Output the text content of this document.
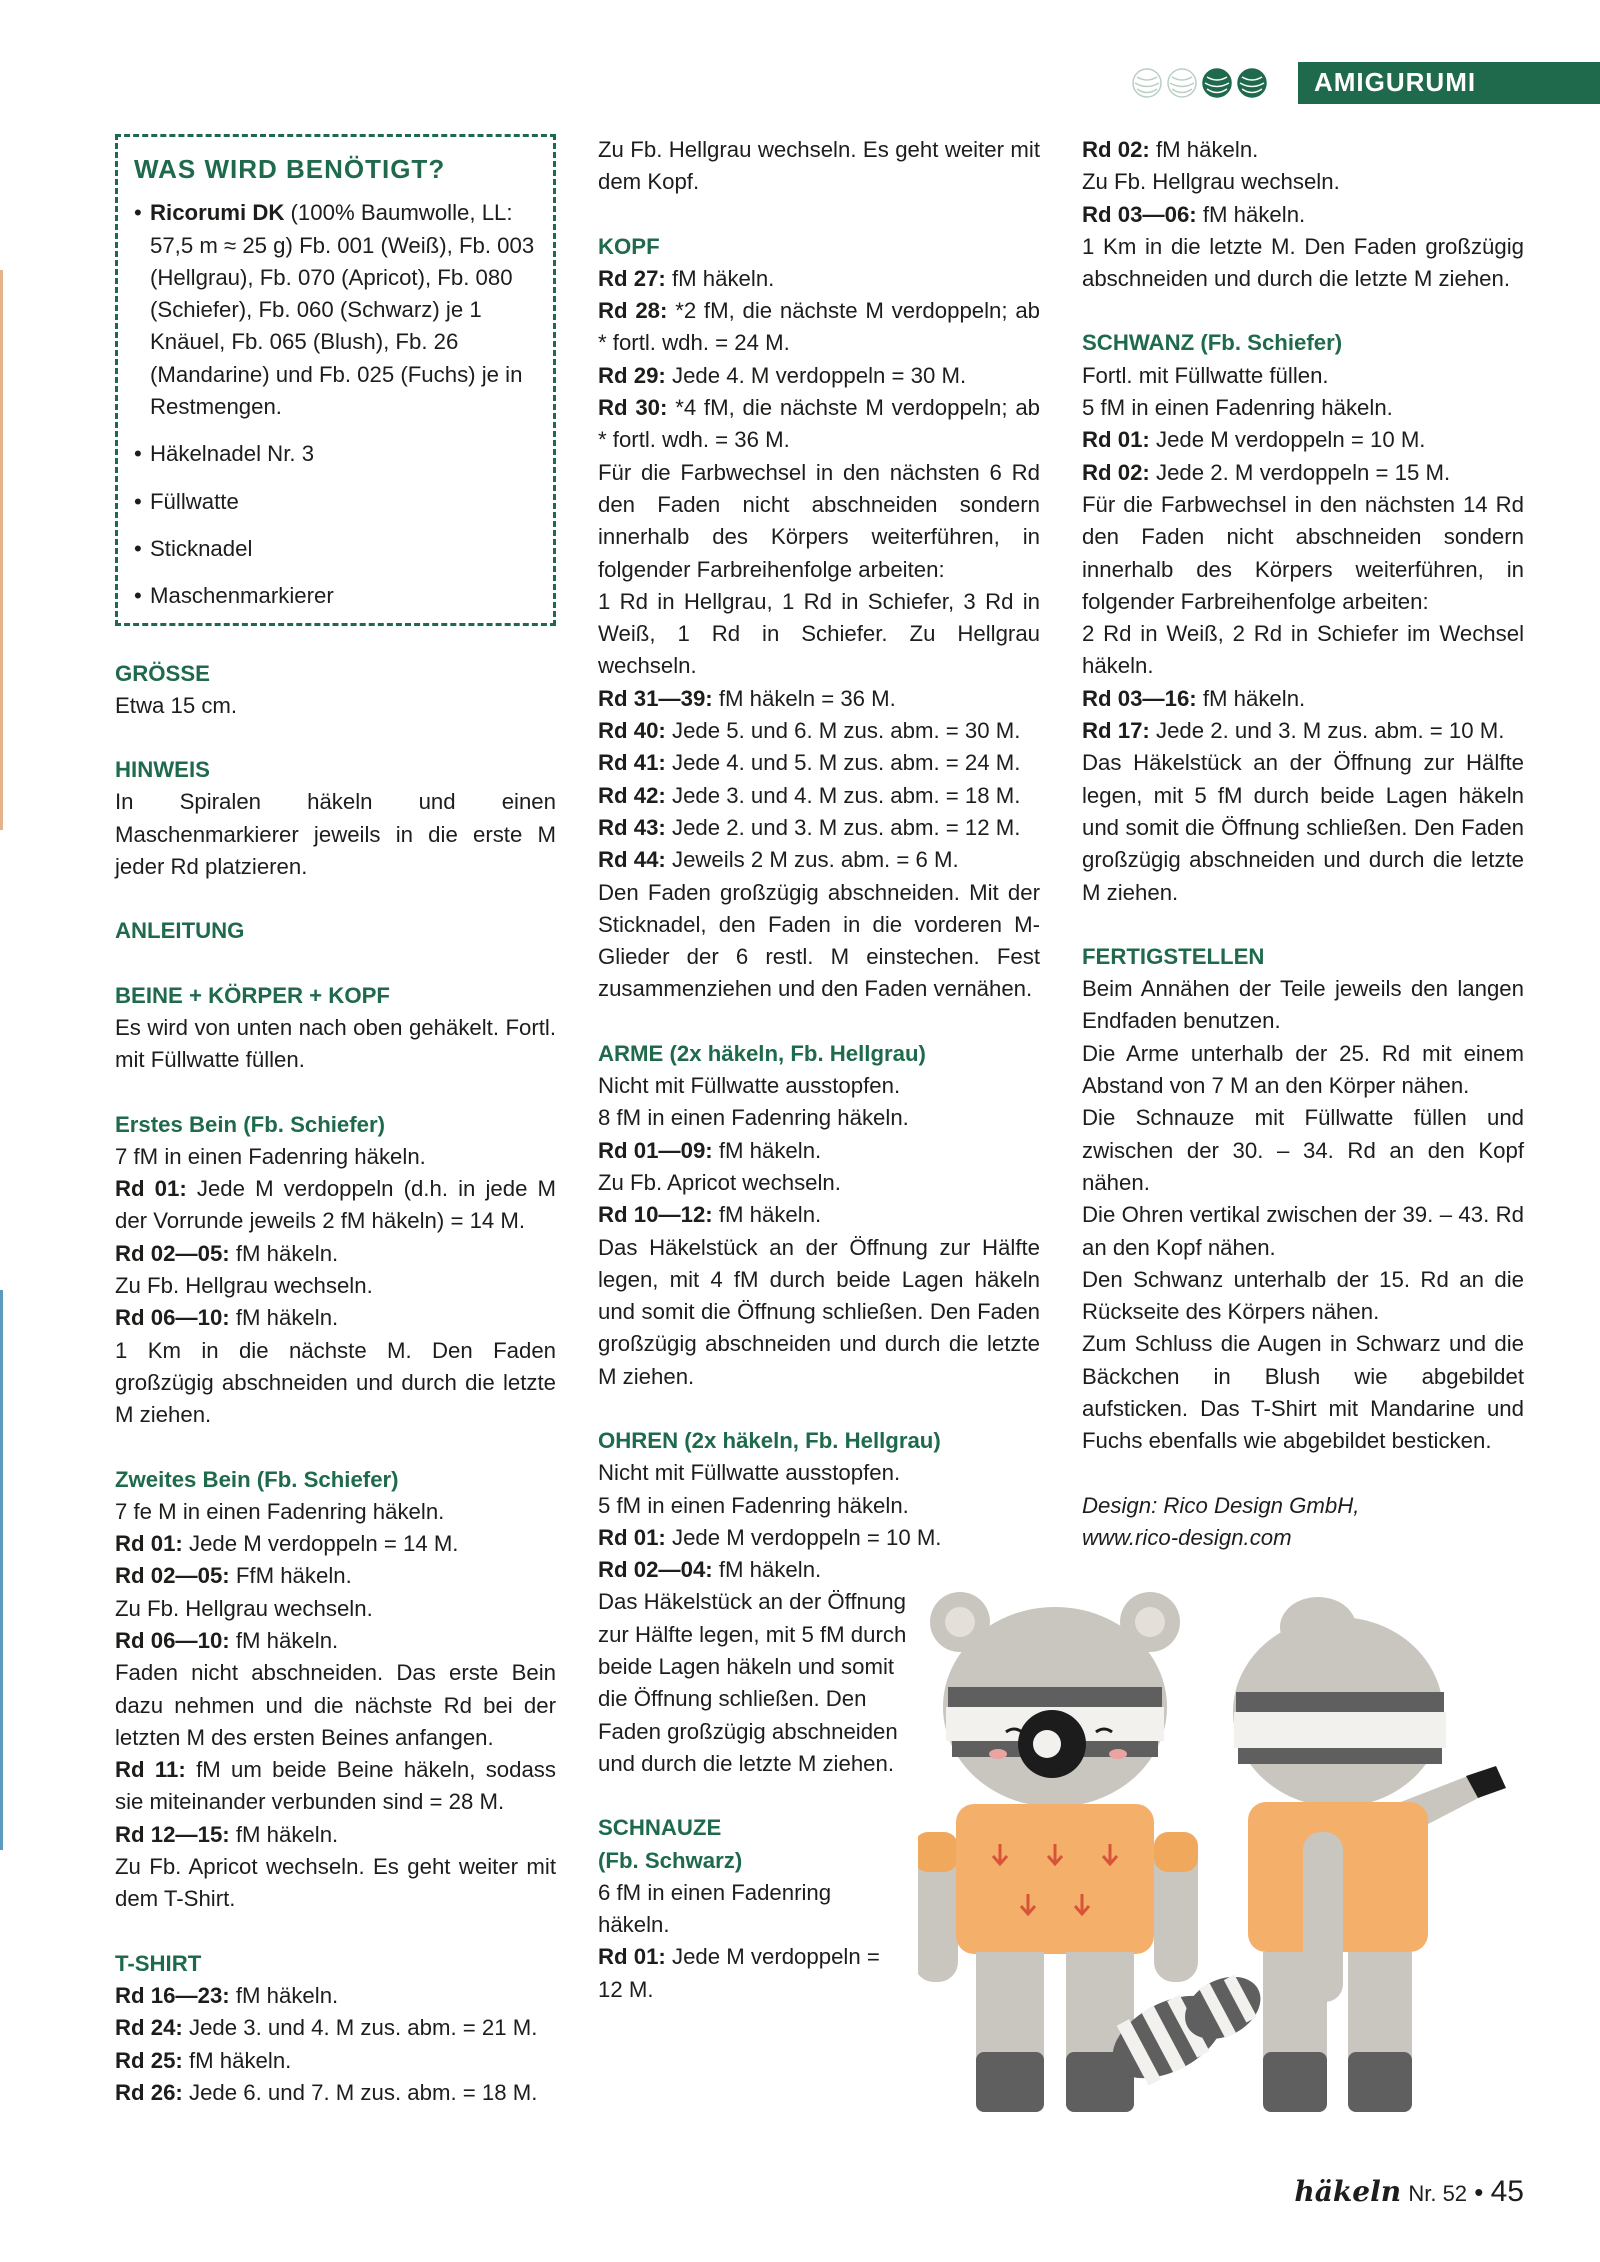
AMIGURUMI
WAS WIRD BENÖTIGT?
• Ricorumi DK (100% Baumwolle, LL: 57,5 m ≈ 25 g) Fb. 001 (Weiß), Fb. 003 (Hellgrau), Fb. 070 (Apricot), Fb. 080 (Schiefer), Fb. 060 (Schwarz) je 1 Knäuel, Fb. 065 (Blush), Fb. 26 (Mandarine) und Fb. 025 (Fuchs) je in Restmengen.
• Häkelnadel Nr. 3
• Füllwatte
• Sticknadel
• Maschenmarkierer

GRÖSSE

Etwa 15 cm.

HINWEIS

In Spiralen häkeln und einen Maschenmarkierer jeweils in die erste M jeder Rd platzieren.

ANLEITUNG

BEINE + KÖRPER + KOPF

Es wird von unten nach oben gehäkelt. Fortl. mit Füllwatte füllen.

Erstes Bein (Fb. Schiefer)

7 fM in einen Fadenring häkeln.

Rd 01: Jede M verdoppeln (d.h. in jede M der Vorrunde jeweils 2 fM häkeln) = 14 M.

Rd 02—05: fM häkeln.

Zu Fb. Hellgrau wechseln.

Rd 06—10: fM häkeln.

1 Km in die nächste M. Den Faden großzügig abschneiden und durch die letzte M ziehen.

Zweites Bein (Fb. Schiefer)

7 fe M in einen Fadenring häkeln.

Rd 01: Jede M verdoppeln = 14 M.

Rd 02—05: FfM häkeln.

Zu Fb. Hellgrau wechseln.

Rd 06—10: fM häkeln.

Faden nicht abschneiden. Das erste Bein dazu nehmen und die nächste Rd bei der letzten M des ersten Beines anfangen.

Rd 11: fM um beide Beine häkeln, sodass sie miteinander verbunden sind = 28 M.

Rd 12—15: fM häkeln.

Zu Fb. Apricot wechseln. Es geht weiter mit dem T-Shirt.

T-SHIRT

Rd 16—23: fM häkeln.

Rd 24: Jede 3. und 4. M zus. abm. = 21 M.

Rd 25: fM häkeln.

Rd 26: Jede 6. und 7. M zus. abm. = 18 M.

Zu Fb. Hellgrau wechseln. Es geht weiter mit dem Kopf.

KOPF

Rd 27: fM häkeln.

Rd 28: *2 fM, die nächste M verdoppeln; ab * fortl. wdh. = 24 M.

Rd 29: Jede 4. M verdoppeln = 30 M.

Rd 30: *4 fM, die nächste M verdoppeln; ab * fortl. wdh. = 36 M.

Für die Farbwechsel in den nächsten 6 Rd den Faden nicht abschneiden sondern innerhalb des Körpers weiterführen, in folgender Farbreihenfolge arbeiten:

1 Rd in Hellgrau, 1 Rd in Schiefer, 3 Rd in Weiß, 1 Rd in Schiefer. Zu Hellgrau wechseln.

Rd 31—39: fM häkeln = 36 M.

Rd 40: Jede 5. und 6. M zus. abm. = 30 M.

Rd 41: Jede 4. und 5. M zus. abm. = 24 M.

Rd 42: Jede 3. und 4. M zus. abm. = 18 M.

Rd 43: Jede 2. und 3. M zus. abm. = 12 M.

Rd 44: Jeweils 2 M zus. abm. = 6 M.

Den Faden großzügig abschneiden. Mit der Sticknadel, den Faden in die vorderen M-Glieder der 6 restl. M einstechen. Fest zusammenziehen und den Faden vernähen.

ARME (2x häkeln, Fb. Hellgrau)

Nicht mit Füllwatte ausstopfen.

8 fM in einen Fadenring häkeln.

Rd 01—09: fM häkeln.

Zu Fb. Apricot wechseln.

Rd 10—12: fM häkeln.

Das Häkelstück an der Öffnung zur Hälfte legen, mit 4 fM durch beide Lagen häkeln und somit die Öffnung schließen. Den Faden großzügig abschneiden und durch die letzte M ziehen.

OHREN (2x häkeln, Fb. Hellgrau)

Nicht mit Füllwatte ausstopfen.

5 fM in einen Fadenring häkeln.

Rd 01: Jede M verdoppeln = 10 M.

Rd 02—04: fM häkeln.

Das Häkelstück an der Öffnung zur Hälfte legen, mit 5 fM durch beide Lagen häkeln und somit die Öffnung schließen. Den Faden großzügig abschneiden und durch die letzte M ziehen.

SCHNAUZE

(Fb. Schwarz)

6 fM in einen Fadenring häkeln.

Rd 01: Jede M verdoppeln = 12 M.

Rd 02: fM häkeln.

Zu Fb. Hellgrau wechseln.

Rd 03—06: fM häkeln.

1 Km in die letzte M. Den Faden großzügig abschneiden und durch die letzte M ziehen.

SCHWANZ (Fb. Schiefer)

Fortl. mit Füllwatte füllen.

5 fM in einen Fadenring häkeln.

Rd 01: Jede M verdoppeln = 10 M.

Rd 02: Jede 2. M verdoppeln = 15 M.

Für die Farbwechsel in den nächsten 14 Rd den Faden nicht abschneiden sondern innerhalb des Körpers weiterführen, in folgender Farbreihenfolge arbeiten:

2 Rd in Weiß, 2 Rd in Schiefer im Wechsel häkeln.

Rd 03—16: fM häkeln.

Rd 17: Jede 2. und 3. M zus. abm. = 10 M.

Das Häkelstück an der Öffnung zur Hälfte legen, mit 5 fM durch beide Lagen häkeln und somit die Öffnung schließen. Den Faden großzügig abschneiden und durch die letzte M ziehen.

FERTIGSTELLEN

Beim Annähen der Teile jeweils den langen Endfaden benutzen.

Die Arme unterhalb der 25. Rd mit einem Abstand von 7 M an den Körper nähen.

Die Schnauze mit Füllwatte füllen und zwischen der 30. – 34. Rd an den Kopf nähen.

Die Ohren vertikal zwischen der 39. – 43. Rd an den Kopf nähen.

Den Schwanz unterhalb der 15. Rd an die Rückseite des Körpers nähen.

Zum Schluss die Augen in Schwarz und die Bäckchen in Blush wie abgebildet aufsticken. Das T-Shirt mit Mandarine und Fuchs ebenfalls wie abgebildet besticken.

Design: Rico Design GmbH,

www.rico-design.com

häkeln Nr. 52 • 45
